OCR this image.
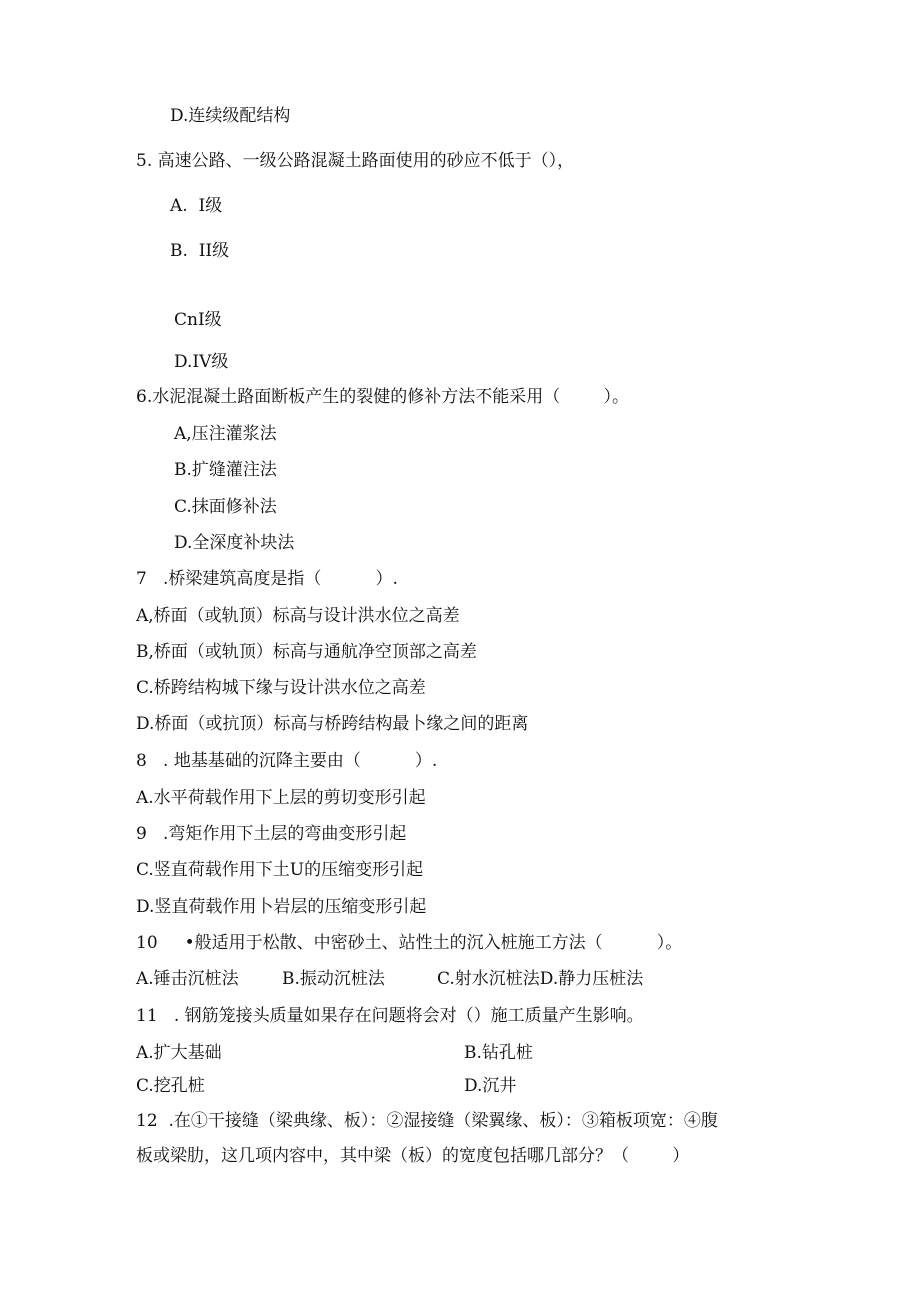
D.连续级配结构
5. 高速公路、一级公路混凝土路面使用的砂应不低于（），
A.  I级
B.  II级
CnI级
D.IV级
6.水泥混凝土路面断板产生的裂健的修补方法不能采用（        ）。
A,压注灌浆法
B.扩缝灌注法
C.抹面修补法
D.全深度补块法
7   .桥梁建筑高度是指（          ）.
A,桥面（或轨顶）标高与设计洪水位之高差
B,桥面（或轨顶）标高与通航净空顶部之高差
C.桥跨结构城下缘与设计洪水位之高差
D.桥面（或抗顶）标高与桥跨结构最卜缘之间的距离
8   . 地基基础的沉降主要由（          ）.
A.水平荷载作用下上层的剪切变形引起
9   .弯矩作用下土层的弯曲变形引起
C.竖直荷载作用下土U的压缩变形引起
D.竖直荷载作用卜岩层的压缩变形引起
10     •般适用于松散、中密砂土、站性土的沉入桩施工方法（          ）。
A.锤击沉桩法	B.振动沉桩法	C.射水沉桩法D.静力压桩法
11   . 钢筋笼接头质量如果存在问题将会对（）施工质量产生影响。
A.扩大基础	B.钻孔桩
C.挖孔桩	D.沉井
12  .在①干接缝（梁典缘、板）：②湿接缝（梁翼缘、板）：③箱板项宽：④腹
板或梁肋，这几项内容中，其中梁（板）的宽度包括哪几部分？（        ）
